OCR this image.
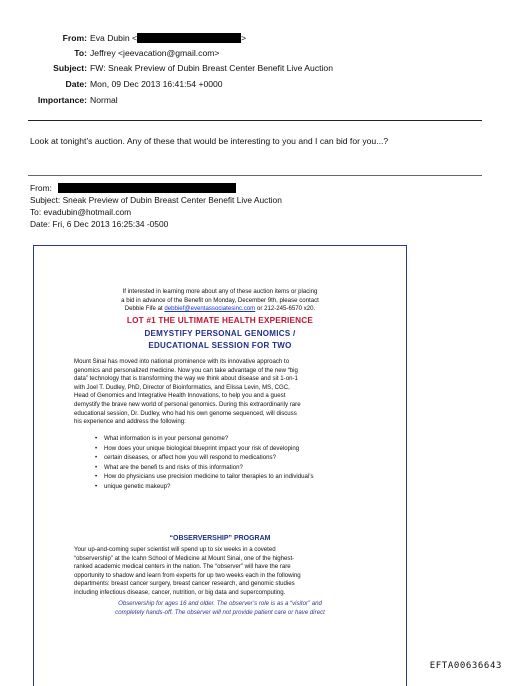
From: Eva Dubin <	>
To: Jeffrey <jeevacation@gmail.com>
Subject: FW: Sneak Preview of Dubin Breast Center Benefit Live Auction
Date: Mon, 09 Dec 2013 16:41:54 +0000
Importance: Normal
Look at tonight’s auction. Any of these that would be interesting to you and I can bid for you...?
From:
Subject: Sneak Preview of Dubin Breast Center Benefit Live Auction
To: evadubin@hotmail.com
Date: Fri, 6 Dec 2013 16:25:34 -0500
If interested in learning more about any of these auction items or placing
a bid in advance of the Benefit on Monday, December 9th, please contact
Debbie Fife at debbief@eventassociatesinc.com or 212-245-6570 x20.
LOT #1 THE ULTIMATE HEALTH EXPERIENCE
DEMYSTIFY PERSONAL GENOMICS /
EDUCATIONAL SESSION FOR TWO
Mount Sinai has moved into national prominence with its innovative approach to
genomics and personalized medicine. Now you can take advantage of the new “big
data” technology that is transforming the way we think about disease and sit 1-on-1
with Joel T. Dudley, PhD, Director of Bioinformatics, and Elissa Levin, MS, CGC,
Head of Genomics and Integrative Health Innovations, to help you and a guest
demystify the brave new world of personal genomics. During this extraordinarily rare
educational session, Dr. Dudley, who had his own genome sequenced, will discuss
his experience and address the following:
• What information is in your personal genome?
• How does your unique biological blueprint impact your risk of developing
• certain diseases, or affect how you will respond to medications?
• What are the benefi ts and risks of this information?
• How do physicians use precision medicine to tailor therapies to an individual’s
• unique genetic makeup?
“OBSERVERSHIP” PROGRAM
Your up-and-coming super scientist will spend up to six weeks in a coveted
“observership” at the Icahn School of Medicine at Mount Sinai, one of the highest-
ranked academic medical centers in the nation. The “observer” will have the rare
opportunity to shadow and learn from experts for up two weeks each in the following
departments: breast cancer surgery, breast cancer research, and genomic studies
including infectious disease, cancer, nutrition, or big data and supercomputing.
Observership for ages 16 and older. The observer’s role is as a “visitor” and
completely hands-off. The observer will not provide patient care or have direct
EFTA00636643
